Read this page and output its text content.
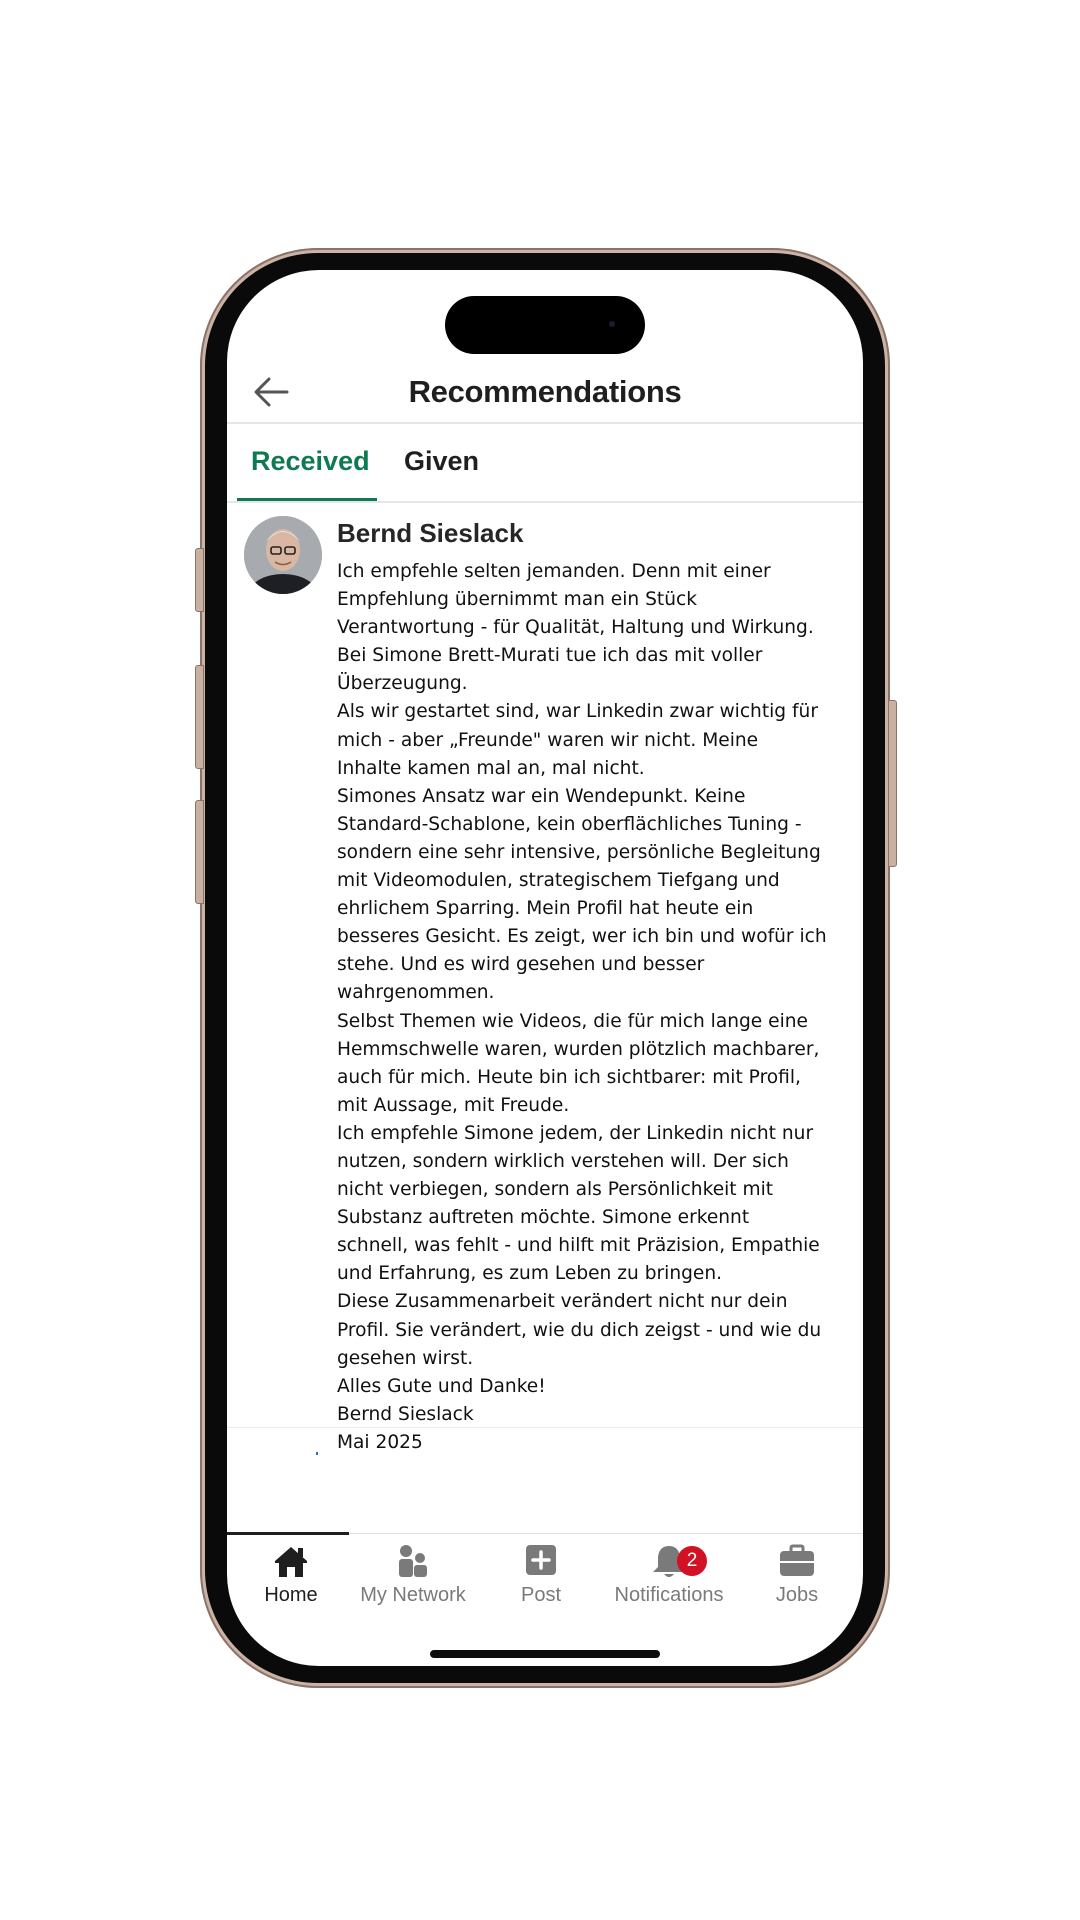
Recommendations
Received Given
Bernd Sieslack
Ich empfehle selten jemanden. Denn mit einer
Empfehlung übernimmt man ein Stück
Verantwortung - für Qualität, Haltung und Wirkung.
Bei Simone Brett-Murati tue ich das mit voller
Überzeugung.
Als wir gestartet sind, war Linkedin zwar wichtig für
mich - aber „Freunde" waren wir nicht. Meine
Inhalte kamen mal an, mal nicht.
Simones Ansatz war ein Wendepunkt. Keine
Standard-Schablone, kein oberflächliches Tuning -
sondern eine sehr intensive, persönliche Begleitung
mit Videomodulen, strategischem Tiefgang und
ehrlichem Sparring. Mein Profil hat heute ein
besseres Gesicht. Es zeigt, wer ich bin und wofür ich
stehe. Und es wird gesehen und besser
wahrgenommen.
Selbst Themen wie Videos, die für mich lange eine
Hemmschwelle waren, wurden plötzlich machbarer,
auch für mich. Heute bin ich sichtbarer: mit Profil,
mit Aussage, mit Freude.
Ich empfehle Simone jedem, der Linkedin nicht nur
nutzen, sondern wirklich verstehen will. Der sich
nicht verbiegen, sondern als Persönlichkeit mit
Substanz auftreten möchte. Simone erkennt
schnell, was fehlt - und hilft mit Präzision, Empathie
und Erfahrung, es zum Leben zu bringen.
Diese Zusammenarbeit verändert nicht nur dein
Profil. Sie verändert, wie du dich zeigst - und wie du
gesehen wirst.
Alles Gute und Danke!
Bernd Sieslack
Mai 2025
Home	My Network	Post
2
Notifications	Jobs
